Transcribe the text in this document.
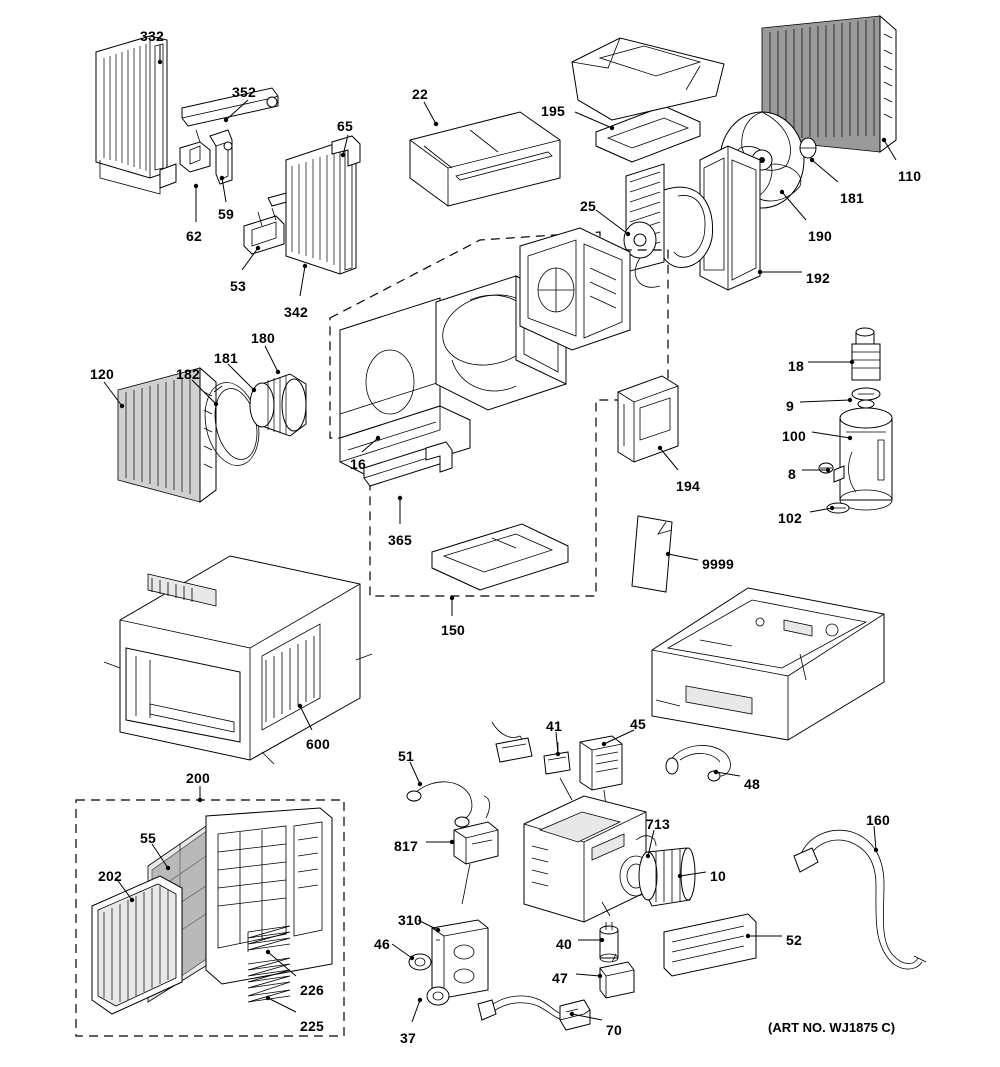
332
352
65
22
195
110
181
190
192
25
59
62
53
342
180
181
182
120
16
365
194
150
9999
18
9
100
8
102
600
200
55
202
226
225
51
41	45
48
817
713
10
160
310
46	40
47
52
37	70	(ART NO. WJ1875 C)
